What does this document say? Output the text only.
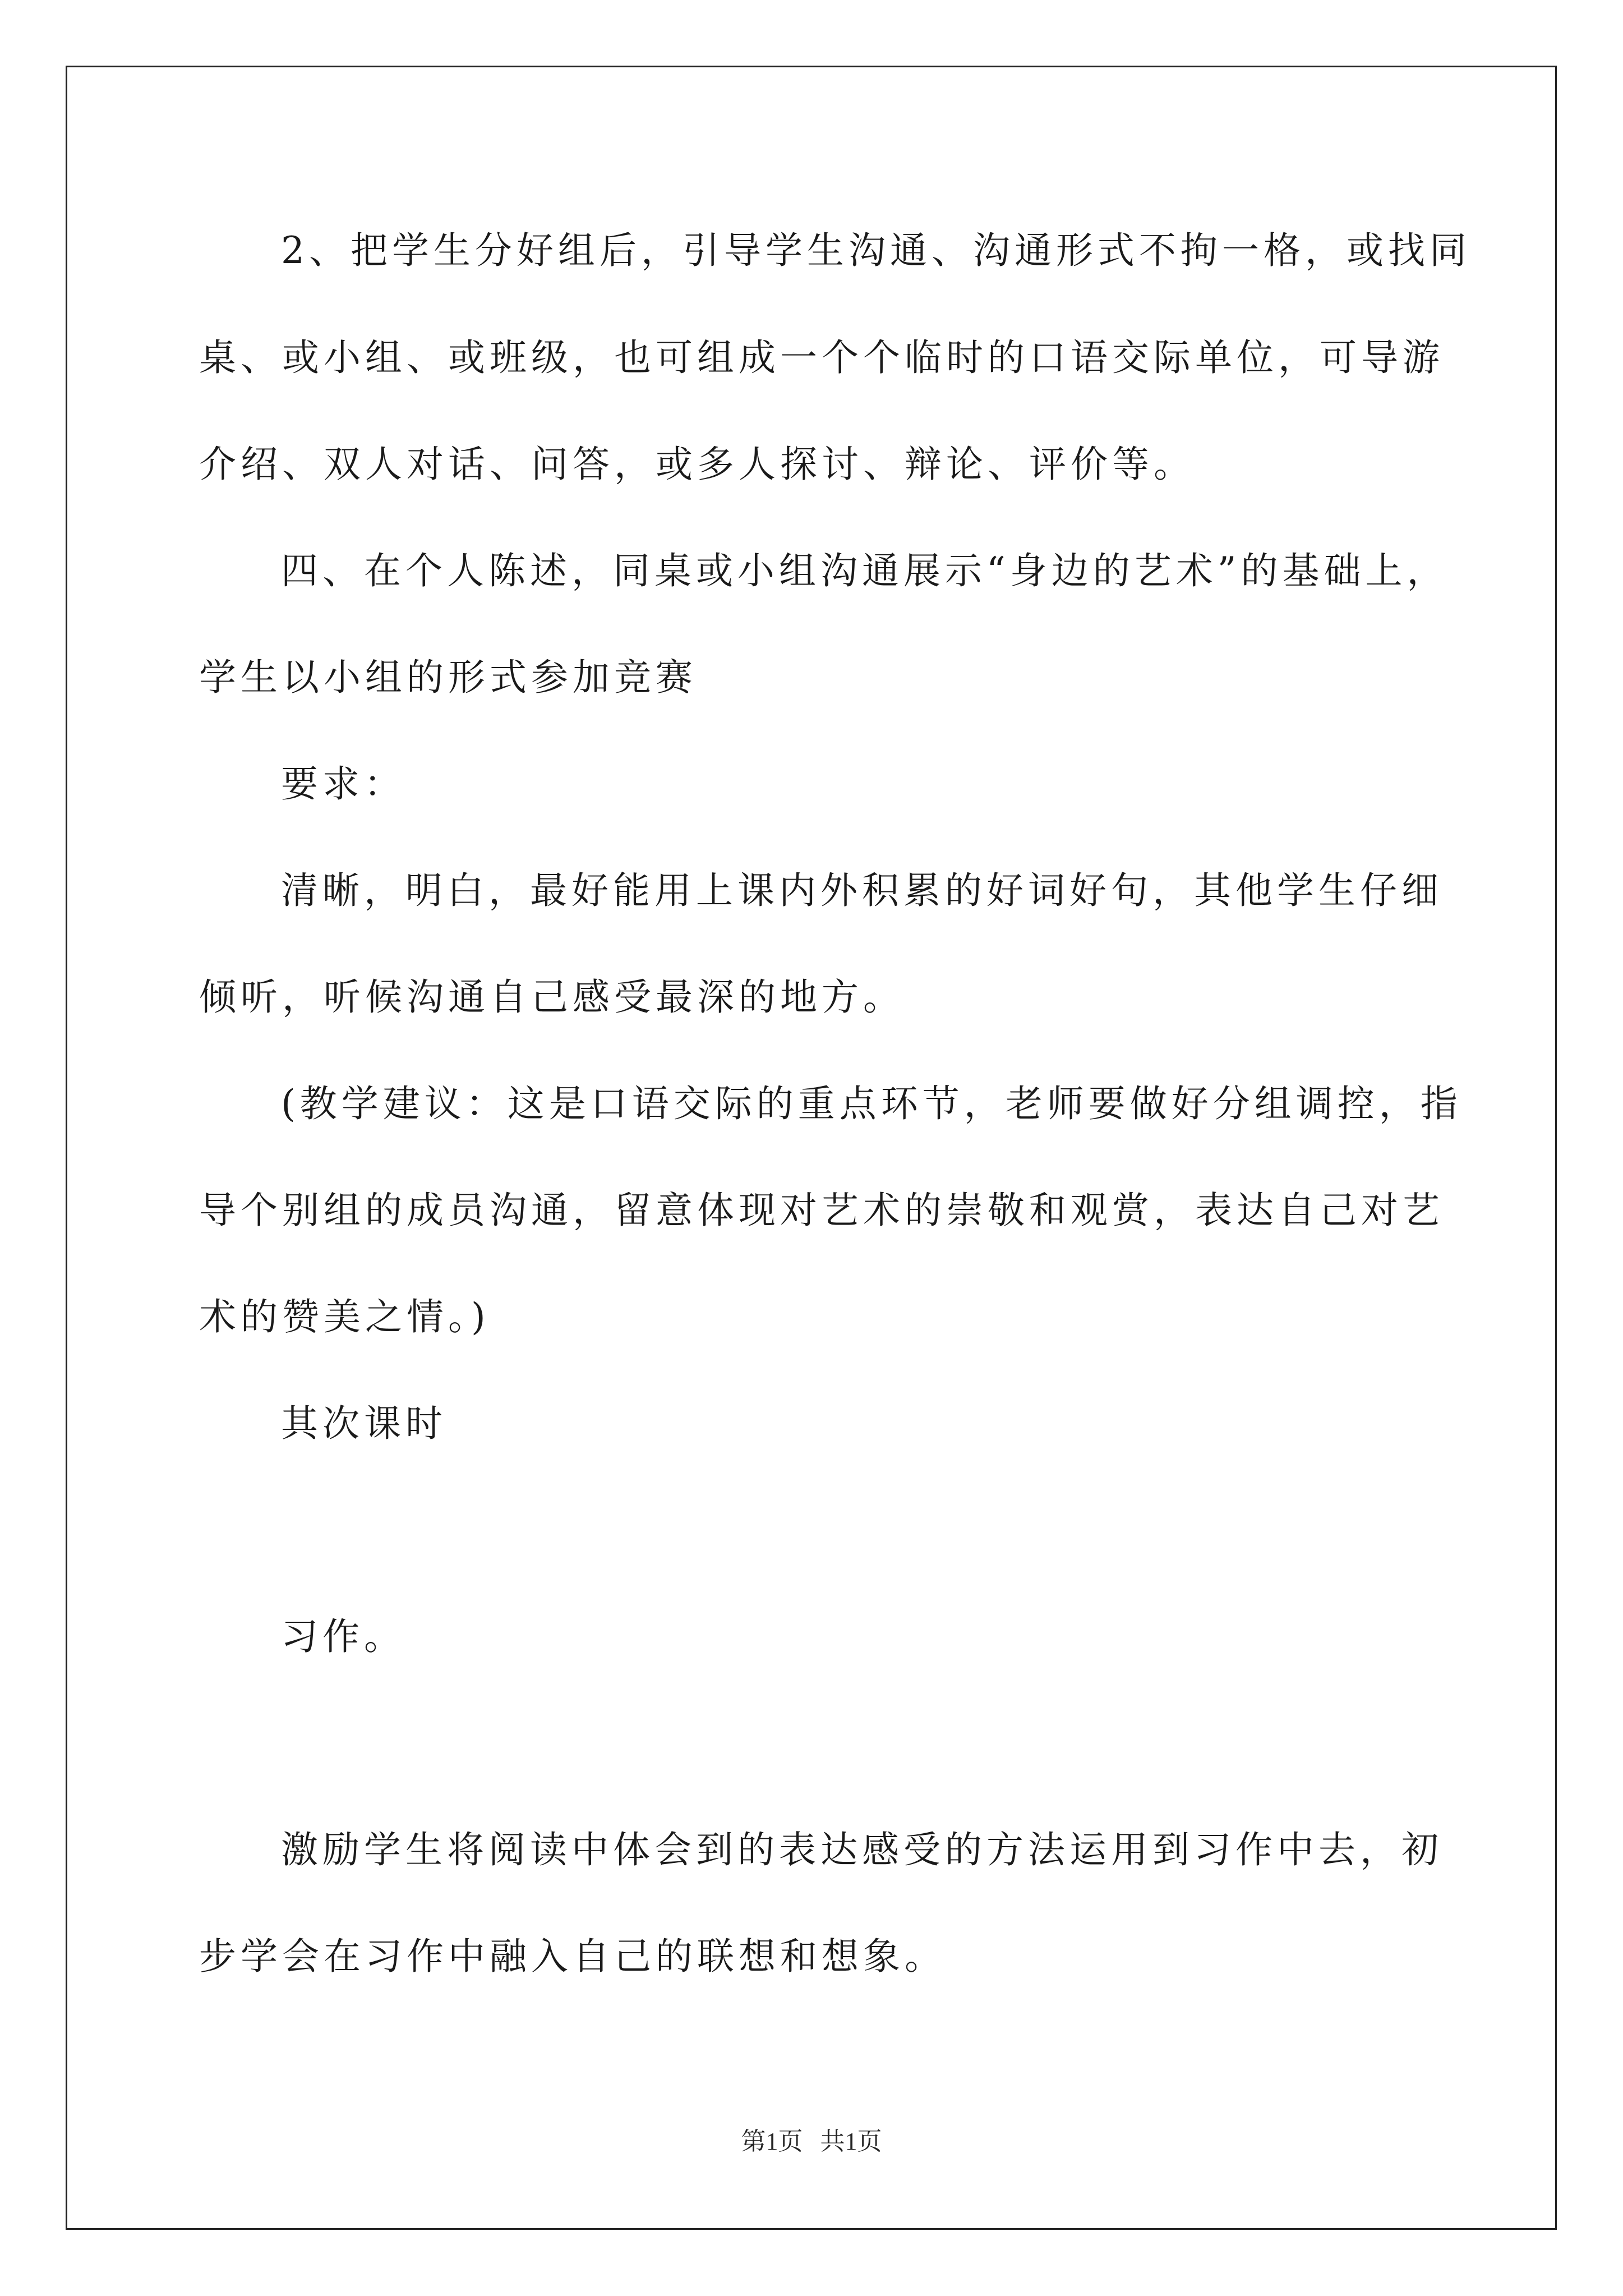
2、把学生分好组后，引导学生沟通、沟通形式不拘一格，或找同
桌、或小组、或班级，也可组成一个个临时的口语交际单位，可导游
介绍、双人对话、问答，或多人探讨、辩论、评价等。
四、在个人陈述，同桌或小组沟通展示“身边的艺术”的基础上，
学生以小组的形式参加竞赛
要求：
清晰，明白，最好能用上课内外积累的好词好句，其他学生仔细
倾听，听候沟通自己感受最深的地方。
(教学建议：这是口语交际的重点环节，老师要做好分组调控，指
导个别组的成员沟通，留意体现对艺术的崇敬和观赏，表达自己对艺
术的赞美之情。)
其次课时
习作。
激励学生将阅读中体会到的表达感受的方法运用到习作中去，初
步学会在习作中融入自己的联想和想象。
第1页 共1页
